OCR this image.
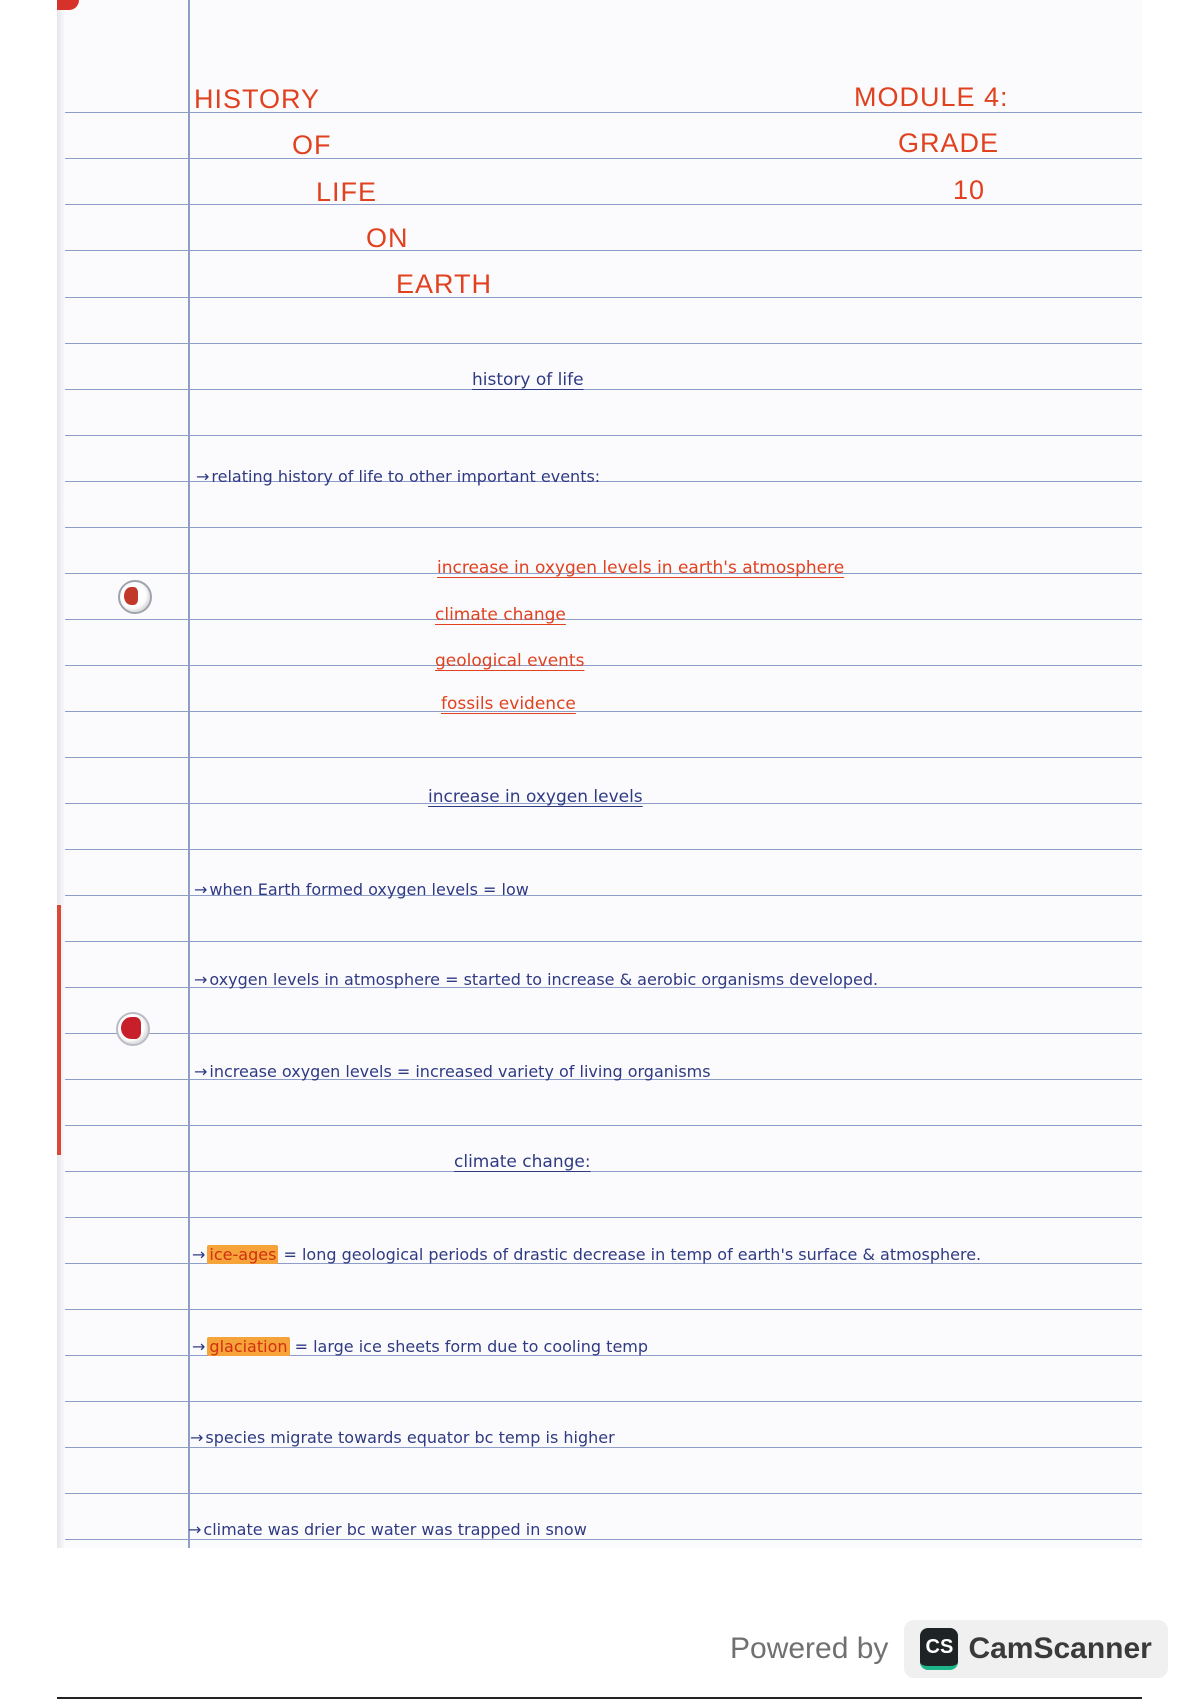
HISTORY
OF
LIFE
ON
EARTH
MODULE 4:
GRADE
10
history of life
→ relating history of life to other important events:
increase in oxygen levels in earth's atmosphere
climate change
geological events
fossils evidence
increase in oxygen levels
→ when Earth formed oxygen levels = low
→ oxygen levels in atmosphere = started to increase & aerobic organisms developed.
→ increase oxygen levels = increased variety of living organisms
climate change:
→ ice-ages = long geological periods of drastic decrease in temp of earth's surface & atmosphere.
→ glaciation = large ice sheets form due to cooling temp
→ species migrate towards equator bc temp is higher
→ climate was drier bc water was trapped in snow
Powered by CS CamScanner
